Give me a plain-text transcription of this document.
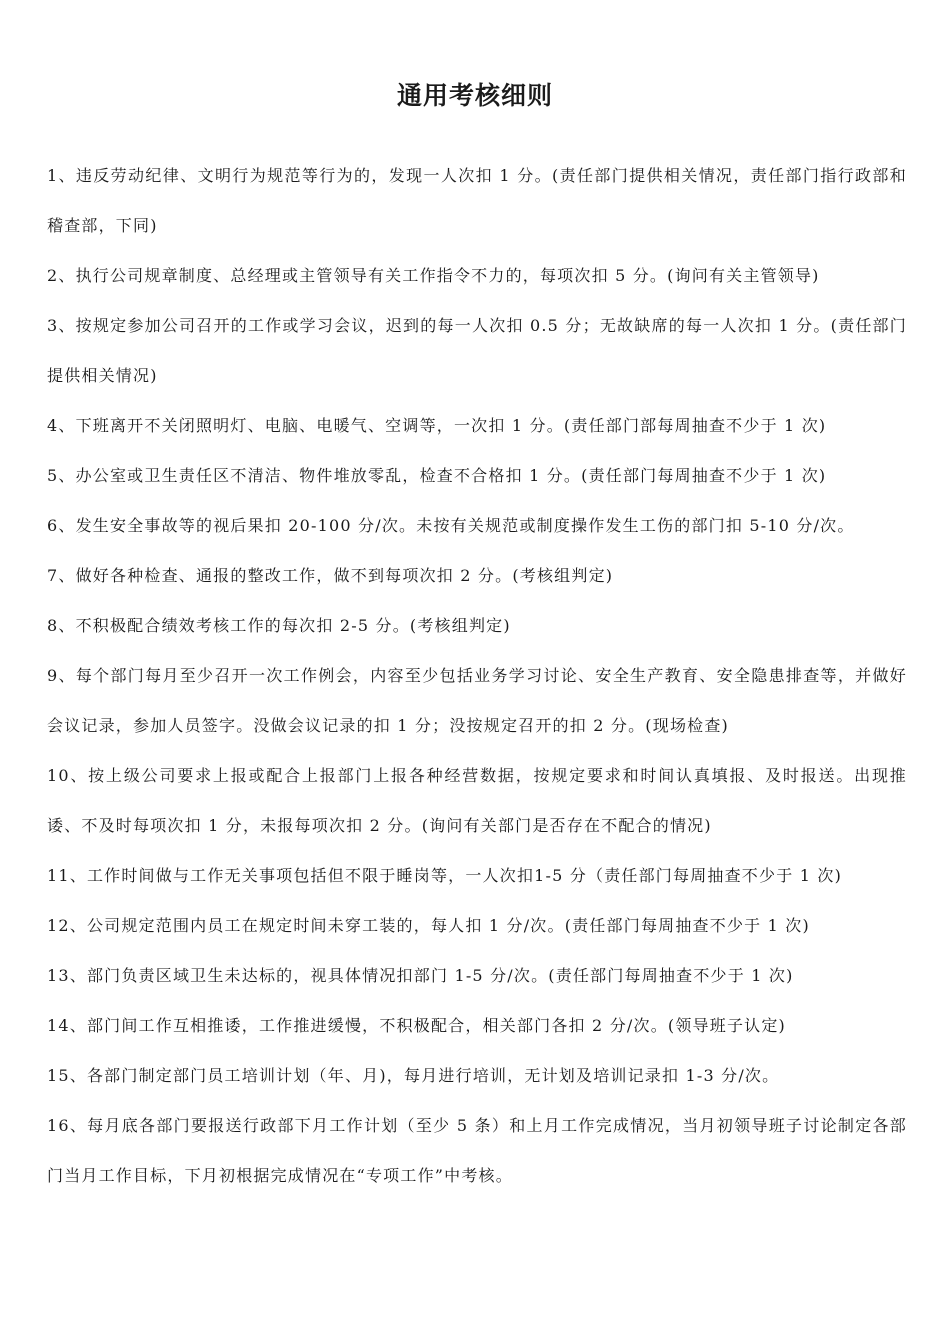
通用考核细则

1、违反劳动纪律、文明行为规范等行为的，发现一人次扣 1 分。(责任部门提供相关情况，责任部门指行政部和稽查部，下同)

2、执行公司规章制度、总经理或主管领导有关工作指令不力的，每项次扣 5 分。(询问有关主管领导)

3、按规定参加公司召开的工作或学习会议，迟到的每一人次扣 0.5 分；无故缺席的每一人次扣 1 分。(责任部门提供相关情况)

4、下班离开不关闭照明灯、电脑、电暖气、空调等，一次扣 1 分。(责任部门部每周抽查不少于 1 次)

5、办公室或卫生责任区不清洁、物件堆放零乱，检查不合格扣 1 分。(责任部门每周抽查不少于 1 次)

6、发生安全事故等的视后果扣 20-100 分/次。未按有关规范或制度操作发生工伤的部门扣 5-10 分/次。

7、做好各种检查、通报的整改工作，做不到每项次扣 2 分。(考核组判定)

8、不积极配合绩效考核工作的每次扣 2-5 分。(考核组判定)

9、每个部门每月至少召开一次工作例会，内容至少包括业务学习讨论、安全生产教育、安全隐患排查等，并做好会议记录，参加人员签字。没做会议记录的扣 1 分；没按规定召开的扣 2 分。(现场检查)

10、按上级公司要求上报或配合上报部门上报各种经营数据，按规定要求和时间认真填报、及时报送。出现推诿、不及时每项次扣 1 分，未报每项次扣 2 分。(询问有关部门是否存在不配合的情况)

11、工作时间做与工作无关事项包括但不限于睡岗等，一人次扣1-5 分（责任部门每周抽查不少于 1 次)

12、公司规定范围内员工在规定时间未穿工装的，每人扣 1 分/次。(责任部门每周抽查不少于 1 次)

13、部门负责区域卫生未达标的，视具体情况扣部门 1-5 分/次。(责任部门每周抽查不少于 1 次)

14、部门间工作互相推诿，工作推进缓慢，不积极配合，相关部门各扣 2 分/次。(领导班子认定)

15、各部门制定部门员工培训计划（年、月)，每月进行培训，无计划及培训记录扣 1-3 分/次。

16、每月底各部门要报送行政部下月工作计划（至少 5 条）和上月工作完成情况，当月初领导班子讨论制定各部门当月工作目标，下月初根据完成情况在“专项工作”中考核。
